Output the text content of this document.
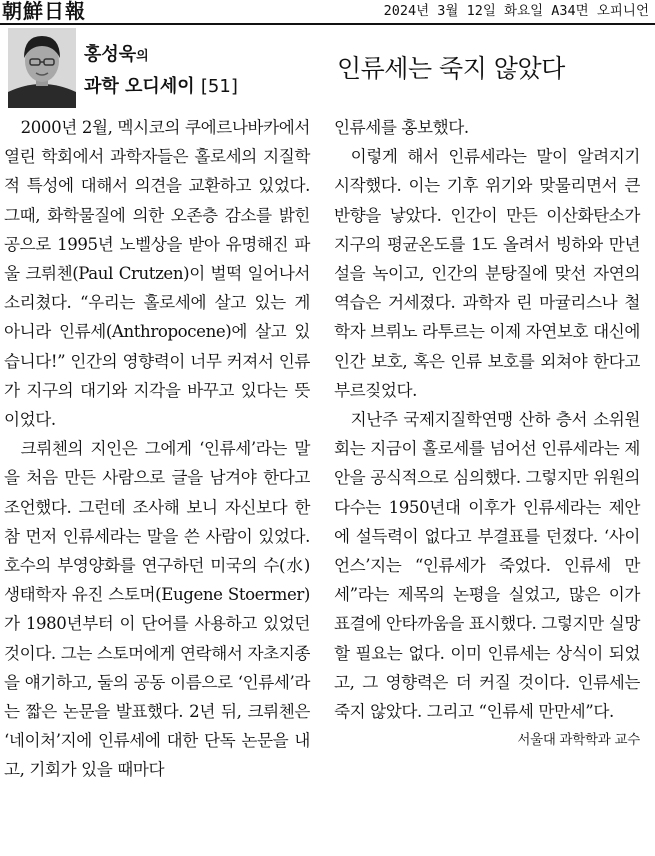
朝鮮日報	2024년 3월 12일 화요일 A34면 오피니언
홍성욱의
과학 오디세이 [51]
인류세는 죽지 않았다

2000년 2월, 멕시코의 쿠에르나바카에서 열린 학회에서 과학자들은 홀로세의 지질학적 특성에 대해서 의견을 교환하고 있었다. 그때, 화학물질에 의한 오존층 감소를 밝힌 공으로 1995년 노벨상을 받아 유명해진 파울 크뤼첸(Paul Crutzen)이 벌떡 일어나서 소리쳤다. “우리는 홀로세에 살고 있는 게 아니라 인류세(Anthropocene)에 살고 있습니다!” 인간의 영향력이 너무 커져서 인류가 지구의 대기와 지각을 바꾸고 있다는 뜻이었다.

크뤼첸의 지인은 그에게 ‘인류세’라는 말을 처음 만든 사람으로 글을 남겨야 한다고 조언했다. 그런데 조사해 보니 자신보다 한참 먼저 인류세라는 말을 쓴 사람이 있었다. 호수의 부영양화를 연구하던 미국의 수(水)생태학자 유진 스토머(Eugene Stoermer)가 1980년부터 이 단어를 사용하고 있었던 것이다. 그는 스토머에게 연락해서 자초지종을 얘기하고, 둘의 공동 이름으로 ‘인류세’라는 짧은 논문을 발표했다. 2년 뒤, 크뤼첸은 ‘네이처’지에 인류세에 대한 단독 논문을 내고, 기회가 있을 때마다

인류세를 홍보했다.

이렇게 해서 인류세라는 말이 알려지기 시작했다. 이는 기후 위기와 맞물리면서 큰 반향을 낳았다. 인간이 만든 이산화탄소가 지구의 평균온도를 1도 올려서 빙하와 만년설을 녹이고, 인간의 분탕질에 맞선 자연의 역습은 거세졌다. 과학자 린 마귤리스나 철학자 브뤼노 라투르는 이제 자연보호 대신에 인간 보호, 혹은 인류 보호를 외쳐야 한다고 부르짖었다.

지난주 국제지질학연맹 산하 층서 소위원회는 지금이 홀로세를 넘어선 인류세라는 제안을 공식적으로 심의했다. 그렇지만 위원의 다수는 1950년대 이후가 인류세라는 제안에 설득력이 없다고 부결표를 던졌다. ‘사이언스’지는 “인류세가 죽었다. 인류세 만세”라는 제목의 논평을 실었고, 많은 이가 표결에 안타까움을 표시했다. 그렇지만 실망할 필요는 없다. 이미 인류세는 상식이 되었고, 그 영향력은 더 커질 것이다. 인류세는 죽지 않았다. 그리고 “인류세 만만세”다.
서울대 과학학과 교수
